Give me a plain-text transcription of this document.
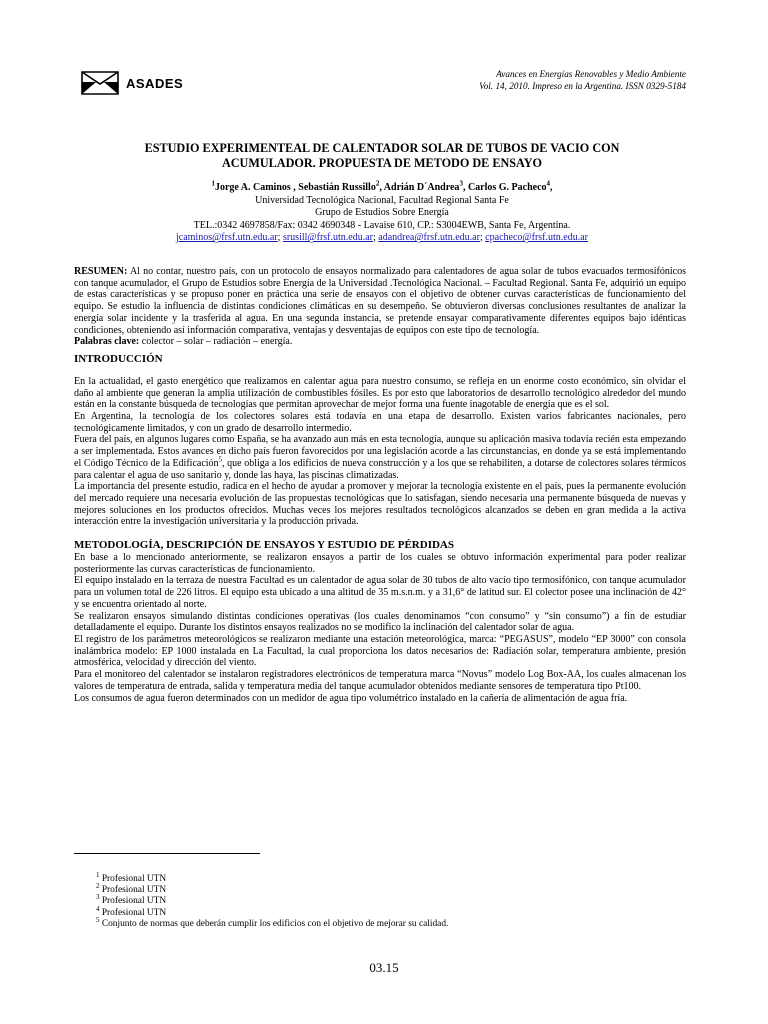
ASADES
Avances en Energías Renovables y Medio Ambiente
Vol. 14, 2010. Impreso en la Argentina. ISSN 0329-5184
ESTUDIO EXPERIMENTEAL DE CALENTADOR SOLAR DE TUBOS DE VACIO CON
ACUMULADOR. PROPUESTA DE METODO DE ENSAYO
$^1$Jorge A. Caminos , Sebastián Russillo$^2$, Adrián D´Andrea$^3$, Carlos G. Pacheco$^4$,
Universidad Tecnológica Nacional, Facultad Regional Santa Fe
Grupo de Estudios Sobre Energía
TEL.:0342 4697858/Fax: 0342 4690348 - Lavaise 610, CP.: S3004EWB, Santa Fe, Argentina.
jcaminos@frsf.utn.edu.ar; srusill@frsf.utn.edu.ar; adandrea@frsf.utn.edu.ar; cpacheco@frsf.utn.edu.ar

RESUMEN: Al no contar, nuestro país, con un protocolo de ensayos normalizado para calentadores de agua solar de tubos evacuados termosifónicos con tanque acumulador, el Grupo de Estudios sobre Energía de la Universidad .Tecnológica Nacional. – Facultad Regional. Santa Fe, adquirió un equipo de estas características y se propuso poner en práctica una serie de ensayos con el objetivo de obtener curvas características de funcionamiento del equipo. Se estudio la influencia de distintas condiciones climáticas en su desempeño. Se obtuvieron diversas conclusiones resultantes de analizar la energía solar incidente y la trasferida al agua. En una segunda instancia, se pretende ensayar comparativamente diferentes equipos bajo idénticas condiciones, obteniendo así información comparativa, ventajas y desventajas de equipos con este tipo de tecnología.

Palabras clave: colector – solar – radiación – energía.

INTRODUCCIÓN

En la actualidad, el gasto energético que realizamos en calentar agua para nuestro consumo, se refleja en un enorme costo económico, sin olvidar el daño al ambiente que generan la amplia utilización de combustibles fósiles. Es por esto que laboratorios de desarrollo tecnológico alrededor del mundo están en la constante búsqueda de tecnologías que permitan aprovechar de mejor forma una fuente inagotable de energía que es el sol.

En Argentina, la tecnología de los colectores solares está todavía en una etapa de desarrollo. Existen varios fabricantes nacionales, pero tecnológicamente limitados, y con un grado de desarrollo intermedio.

Fuera del país, en algunos lugares como España, se ha avanzado aun más en esta tecnología, aunque su aplicación masiva todavía recién esta empezando a ser implementada. Estos avances en dicho país fueron favorecidos por una legislación acorde a las circunstancias, en donde ya se está implementando el Código Técnico de la Edificación$^5$, que obliga a los edificios de nueva construcción y a los que se rehabiliten, a dotarse de colectores solares térmicos para calentar el agua de uso sanitario y, donde las haya, las piscinas climatizadas.

La importancia del presente estudio, radica en el hecho de ayudar a promover y mejorar la tecnología existente en el país, pues la permanente evolución del mercado requiere una necesaria evolución de las propuestas tecnológicas que lo satisfagan, siendo necesaria una permanente búsqueda de nuevas y mejores soluciones en los productos ofrecidos. Muchas veces los mejores resultados tecnológicos alcanzados se deben en gran medida a la activa interacción entre la investigación universitaria y la producción privada.

METODOLOGÍA, DESCRIPCIÓN DE ENSAYOS Y ESTUDIO DE PÉRDIDAS

En base a lo mencionado anteriormente, se realizaron ensayos a partir de los cuales se obtuvo información experimental para poder realizar posteriormente las curvas características de funcionamiento.

El equipo instalado en la terraza de nuestra Facultad es un calentador de agua solar de 30 tubos de alto vacío tipo termosifónico, con tanque acumulador para un volumen total de 226 litros. El equipo esta ubicado a una altitud de 35 m.s.n.m. y a 31,6° de latitud sur. El colector posee una inclinación de 42° y se encuentra orientado al norte.

Se realizaron ensayos simulando distintas condiciones operativas (los cuales denominamos “con consumo” y “sin consumo”) a fin de estudiar detalladamente el equipo. Durante los distintos ensayos realizados no se modifico la inclinación del calentador solar de agua.

El registro de los parámetros meteorológicos se realizaron mediante una estación meteorológica, marca: “PEGASUS”, modelo “EP 3000” con consola inalámbrica modelo: EP 1000 instalada en La Facultad, la cual proporciona los datos necesarios de: Radiación solar, temperatura ambiente, presión atmosférica, velocidad y dirección del viento.

Para el monitoreo del calentador se instalaron registradores electrónicos de temperatura marca “Novus” modelo Log Box-AA, los cuales almacenan los valores de temperatura de entrada, salida y temperatura media del tanque acumulador obtenidos mediante sensores de temperatura tipo Pt100.

Los consumos de agua fueron determinados con un medidor de agua tipo volumétrico instalado en la cañería de alimentación de agua fría.

$^1$ Profesional UTN
$^2$ Profesional UTN
$^3$ Profesional UTN
$^4$ Profesional UTN
$^5$ Conjunto de normas que deberán cumplir los edificios con el objetivo de mejorar su calidad.
03.15
